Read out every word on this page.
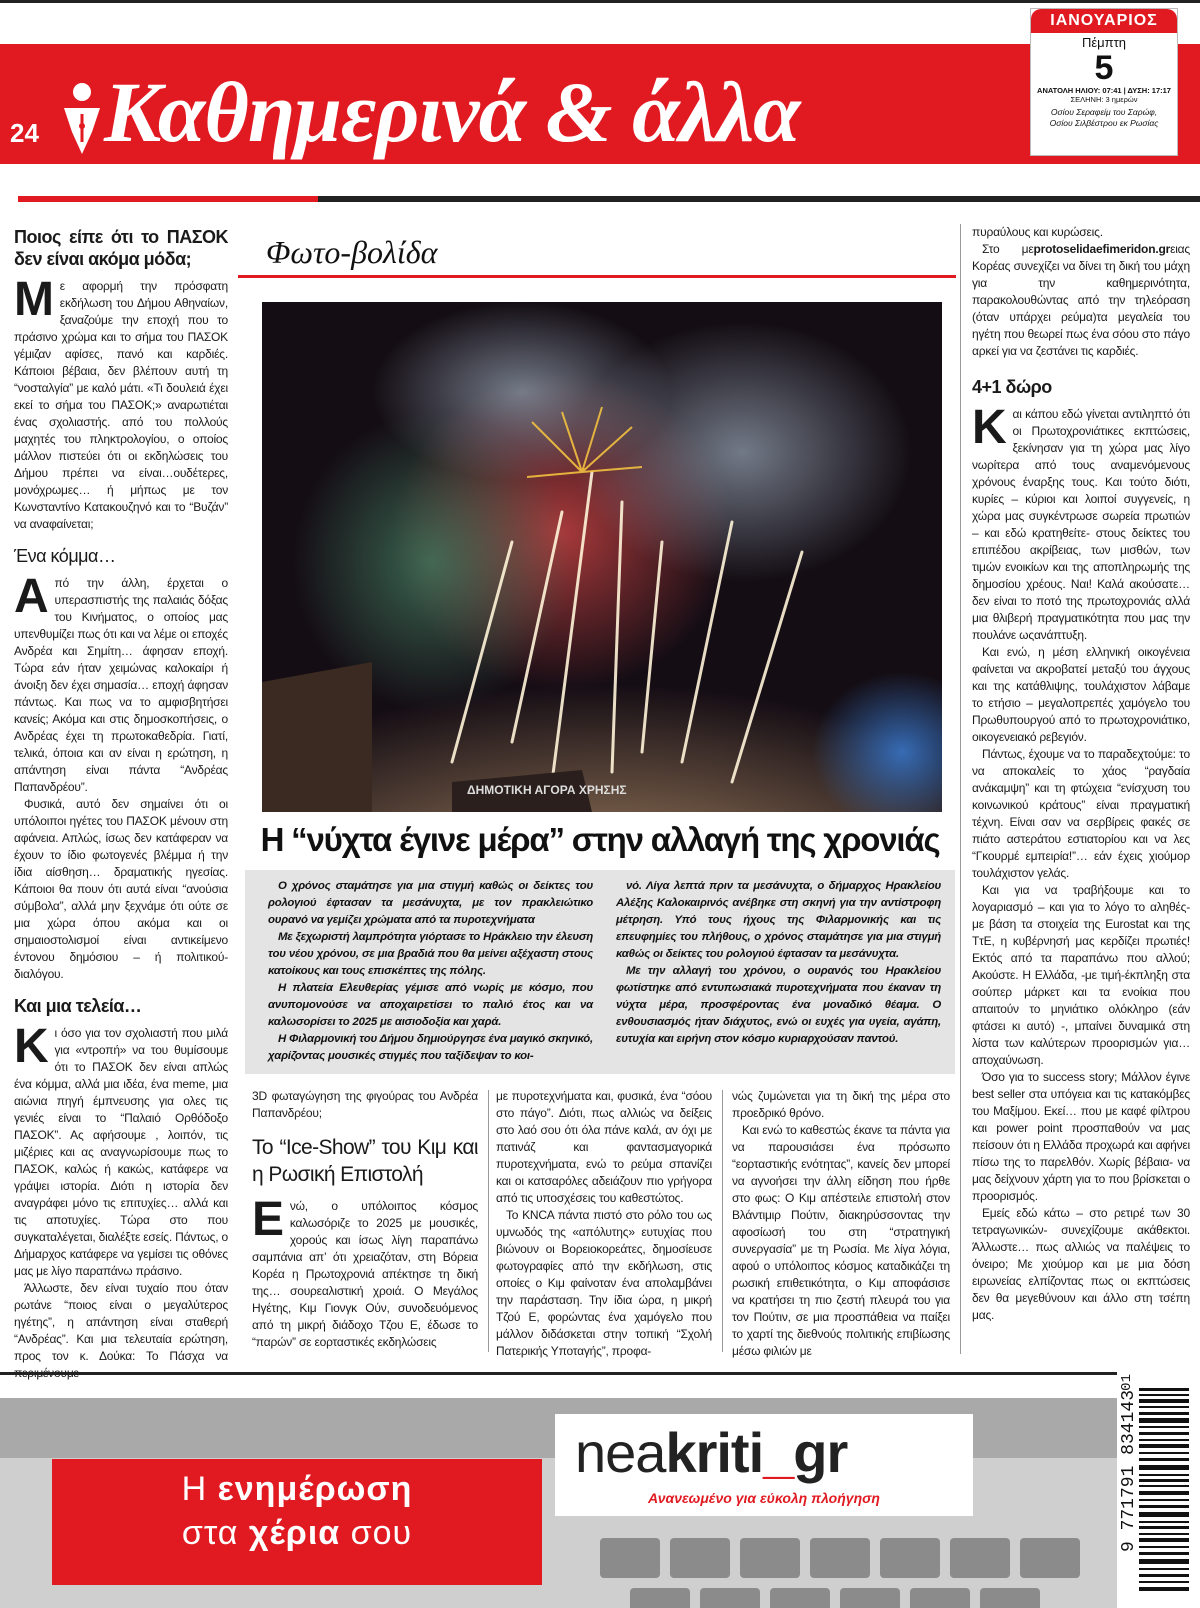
24 Καθημερινά & άλλα
ΙΑΝΟΥΑΡΙΟΣ
Πέμπτη
5
ΑΝΑΤΟΛΗ ΗΛΙΟΥ: 07:41 | ΔΥΣΗ: 17:17
ΣΕΛΗΝΗ: 3 ημερών
Οσίου Σεραφείμ του Σαρώφ,
Οσίου Σιλβέστρου εκ Ρωσίας
Ποιος είπε ότι το ΠΑΣΟΚ δεν είναι ακόμα μόδα;

Με αφορμή την πρόσφατη εκδήλωση του Δήμου Αθηναίων, ξαναζούμε την εποχή που το πράσινο χρώμα και το σήμα του ΠΑΣΟΚ γέμιζαν αφίσες, πανό και καρδιές. Κάποιοι βέβαια, δεν βλέπουν αυτή τη “νοσταλγία” με καλό μάτι. «Τι δουλειά έχει εκεί το σήμα του ΠΑΣΟΚ;» αναρωτιέται ένας σχολιαστής. από του πολλούς μαχητές του πληκτρολογίου, ο οποίος μάλλον πιστεύει ότι οι εκδηλώσεις του Δήμου πρέπει να είναι…ουδέτερες, μονόχρωμες… ή μήπως με τον Κωνσταντίνο Κατακουζηνό και το “Βυζάν” να αναφαίνεται;

Ένα κόμμα…

Από την άλλη, έρχεται ο υπερασπιστής της παλαιάς δόξας του Κινήματος, ο οποίος μας υπενθυμίζει πως ότι και να λέμε οι εποχές Ανδρέα και Σημίτη… άφησαν εποχή. Τώρα εάν ήταν χειμώνας καλοκαίρι ή άνοιξη δεν έχει σημασία… εποχή άφησαν πάντως. Και πως να το αμφισβητήσει κανείς; Ακόμα και στις δημοσκοπήσεις, ο Ανδρέας έχει τη πρωτοκαθεδρία. Γιατί, τελικά, όποια και αν είναι η ερώτηση, η απάντηση είναι πάντα “Ανδρέας Παπανδρέου”.

Φυσικά, αυτό δεν σημαίνει ότι οι υπόλοιποι ηγέτες του ΠΑΣΟΚ μένουν στη αφάνεια. Απλώς, ίσως δεν κατάφεραν να έχουν το ίδιο φωτογενές βλέμμα ή την ίδια αίσθηση… δραματικής ηγεσίας. Κάποιοι θα πουν ότι αυτά είναι “ανούσια σύμβολα”, αλλά μην ξεχνάμε ότι ούτε σε μια χώρα όπου ακόμα και οι σημαιοστολισμοί είναι αντικείμενο έντονου δημόσιου – ή πολιτικού- διαλόγου.

Και μια τελεία…

Κι όσο για τον σχολιαστή που μιλά για «ντροπή» να του θυμίσουμε ότι το ΠΑΣΟΚ δεν είναι απλώς ένα κόμμα, αλλά μια ιδέα, ένα meme, μια αιώνια πηγή έμπνευσης για ολες τις γενιές είναι το “Παλαιό Ορθόδοξο ΠΑΣΟΚ”. Ας αφήσουμε , λοιπόν, τις μιζέριες και ας αναγνωρίσουμε πως το ΠΑΣΟΚ, καλώς ή κακώς, κατάφερε να γράψει ιστορία. Διότι η ιστορία δεν αναγράφει μόνο τις επιτυχίες… αλλά και τις αποτυχίες. Τώρα στο που συγκαταλέγεται, διαλέξτε εσείς. Πάντως, ο Δήμαρχος κατάφερε να γεμίσει τις οθόνες μας με λίγο παραπάνω πράσινο.

Άλλωστε, δεν είναι τυχαίο που όταν ρωτάνε “ποιος είναι ο μεγαλύτερος ηγέτης”, η απάντηση είναι σταθερή “Ανδρέας”. Και μια τελευταία ερώτηση, προς τον κ. Δούκα: Το Πάσχα να

Φωτο-βολίδα
ΔΗΜΟΤΙΚΗ ΑΓΟΡΑ ΧΡΗΣΗΣ
Η “νύχτα έγινε μέρα” στην αλλαγή της χρονιάς

Ο χρόνος σταμάτησε για μια στιγμή καθώς οι δείκτες του ρολογιού έφτασαν τα μεσάνυχτα, με τον πρακλειώτικο ουρανό να γεμίζει χρώματα από τα πυροτεχνήματα

Με ξεχωριστή λαμπρότητα γιόρτασε το Ηράκλειο την έλευση του νέου χρόνου, σε μια βραδιά που θα μείνει αξέχαστη στους κατοίκους και τους επισκέπτες της πόλης.

Η πλατεία Ελευθερίας γέμισε από νωρίς με κόσμο, που ανυπομονούσε να αποχαιρετίσει το παλιό έτος και να καλωσορίσει το 2025 με αισιοδοξία και χαρά.

Η Φιλαρμονική του Δήμου δημιούργησε ένα μαγικό σκηνικό, χαρίζοντας μουσικές στιγμές που ταξίδεψαν το κοι-

νό. Λίγα λεπτά πριν τα μεσάνυχτα, ο δήμαρχος Ηρακλείου Αλέξης Καλοκαιρινός ανέβηκε στη σκηνή για την αντίστροφη μέτρηση. Υπό τους ήχους της Φιλαρμονικής και τις επευφημίες του πλήθους, ο χρόνος σταμάτησε για μια στιγμή καθώς οι δείκτες του ρολογιού έφτασαν τα μεσάνυχτα.

Με την αλλαγή του χρόνου, ο ουρανός του Ηρακλείου φωτίστηκε από εντυπωσιακά πυροτεχνήματα που έκαναν τη νύχτα μέρα, προσφέροντας ένα μοναδικό θέαμα. Ο ενθουσιασμός ήταν διάχυτος, ενώ οι ευχές για υγεία, αγάπη, ευτυχία και ειρήνη στον κόσμο κυριαρχούσαν παντού.

3D φωταγώγηση της φιγούρας του Ανδρέα Παπανδρέου;

Το “Ice-Show” του Κιμ και η Ρωσική Επιστολή

Ενώ, ο υπόλοιπος κόσμος καλωσόριζε το 2025 με μουσικές, χορούς και ίσως λίγη παραπάνω σαμπάνια απ’ ότι χρειαζόταν, στη Βόρεια Κορέα η Πρωτοχρονιά απέκτησε τη δική της… σουρεαλιστική χροιά. Ο Μεγάλος Ηγέτης, Κιμ Γιονγκ Ούν, συνοδευόμενος από τη μικρή διάδοχο Τζου Ε, έδωσε το “παρών” σε εορταστικές εκδηλώσεις

με πυροτεχνήματα και, φυσικά, ένα “σόου στο πάγο”. Διότι, πως αλλιώς να δείξεις στο λαό σου ότι όλα πάνε καλά, αν όχι με πατινάζ και φαντασμαγορικά πυροτεχνήματα, ενώ το ρεύμα σπανίζει και οι κατσαρόλες αδειάζουν πιο γρήγορα από τις υποσχέσεις του καθεστώτος.

Το KNCA πάντα πιστό στο ρόλο του ως υμνωδός της «απόλυτης» ευτυχίας που βιώνουν οι Βορειοκορεάτες, δημοσίευσε φωτογραφίες από την εκδήλωση, στις οποίες ο Κιμ φαίνοταν ένα απολαμβάνει την παράσταση. Την ίδια ώρα, η μικρή Τζού Ε, φορώντας ένα χαμόγελο που μάλλον διδάσκεται στην τοπική “Σχολή Πατερικής Υποταγής”, προφα-

νώς ζυμώνεται για τη δική της μέρα στο προεδρικό θρόνο.

Και ενώ το καθεστώς έκανε τα πάντα για να παρουσιάσει ένα πρόσωπο “εορταστικής ενότητας”, κανείς δεν μπορεί να αγνοήσει την άλλη είδηση που ήρθε στο φως: Ο Κιμ απέστειλε επιστολή στον Βλάντιμιρ Πούτιν, διακηρύσσοντας την αφοσίωσή του στη “στρατηγική συνεργασία” με τη Ρωσία. Με λίγα λόγια, αφού ο υπόλοιπος κόσμος καταδικάζει τη ρωσική επιθετικότητα, ο Κιμ αποφάσισε να κρατήσει τη πιο ζεστή πλευρά του για τον Πούτιν, σε μια προσπάθεια να παίξει το χαρτί της διεθνούς πολιτικής επιβίωσης μέσω φιλιών με

πυραύλους και κυρώσεις.

Στο μεprotoselidaefimeridon.grειας Κορέας συνεχίζει να δίνει τη δική του μάχη για την καθημερινότητα, παρακολουθώντας από την τηλεόραση (όταν υπάρχει ρεύμα)τα μεγαλεία του ηγέτη που θεωρεί πως ένα σόου στο πάγο αρκεί για να ζεστάνει τις καρδιές.

4+1 δώρο

Και κάπου εδώ γίνεται αντιληπτό ότι οι Πρωτοχρονιάτικες εκπτώσεις, ξεκίνησαν για τη χώρα μας λίγο νωρίτερα από τους αναμενόμενους χρόνους έναρξης τους. Και τούτο διότι, κυρίες – κύριοι και λοιποί συγγενείς, η χώρα μας συγκέντρωσε σωρεία πρωτιών – και εδώ κρατηθείτε- στους δείκτες του επιπέδου ακρίβειας, των μισθών, των τιμών ενοικίων και της αποπληρωμής της δημοσίου χρέους. Ναι! Καλά ακούσατε…δεν είναι το ποτό της πρωτοχρονιάς αλλά μια θλιβερή πραγματικότητα που μας την πουλάνε ωςανάπτυξη.

Και ενώ, η μέση ελληνική οικογένεια φαίνεται να ακροβατεί μεταξύ του άγχους και της κατάθλιψης, τουλάχιστον λάβαμε το ετήσιο – μεγαλοπρεπές χαμόγελο του Πρωθυπουργού από το πρωτοχρονιάτικο, οικογενειακό ρεβεγιόν.

Πάντως, έχουμε να το παραδεχτούμε: το να αποκαλείς το χάος “ραγδαία ανάκαμψη” και τη φτώχεια “ενίσχυση του κοινωνικού κράτους” είναι πραγματική τέχνη. Είναι σαν να σερβίρεις φακές σε πιάτο αστεράτου εστιατορίου και να λες “Γκουρμέ εμπειρία!”… εάν έχεις χιούμορ τουλάχιστον γελάς.

Και για να τραβήξουμε και το λογαριασμό – και για το λόγο το αληθές- με βάση τα στοιχεία της Eurostat και της ΤτΕ, η κυβέρνησή μας κερδίζει πρωτιές! Εκτός από τα παραπάνω που αλλού; Ακούστε. Η Ελλάδα, -με τιμή-έκπληξη στα σούπερ μάρκετ και τα ενοίκια που απαιτούν το μηνιάτικο ολόκληρο (εάν φτάσει κι αυτό) -, μπαίνει δυναμικά στη λίστα των καλύτερων προορισμών για…αποχαύνωση.

Όσο για το success story; Μάλλον έγινε best seller στα υπόγεια και τις κατακόμβες του Μαξίμου. Εκεί… που με καφέ φίλτρου και power point προσπαθούν να μας πείσουν ότι η Ελλάδα προχωρά και αφήνει πίσω της το παρελθόν. Χωρίς βέβαια- να μας δείχνουν χάρτη για το που βρίσκεται ο προορισμός.

Εμείς εδώ κάτω – στο ρετιρέ των 30 τετραγωνικών- συνεχίζουμε ακάθεκτοι. Άλλωστε… πως αλλιώς να παλέψεις το όνειρο; Με χιούμορ και με μια δόση ειρωνείας ελπίζοντας πως οι εκπτώσεις δεν θα μεγεθύνουν και άλλο στη τσέπη μας.

Η ενημέρωση
στα χέρια σου
neakriti_gr
Ανανεωμένο για εύκολη πλοήγηση	9 771791 834143
01
